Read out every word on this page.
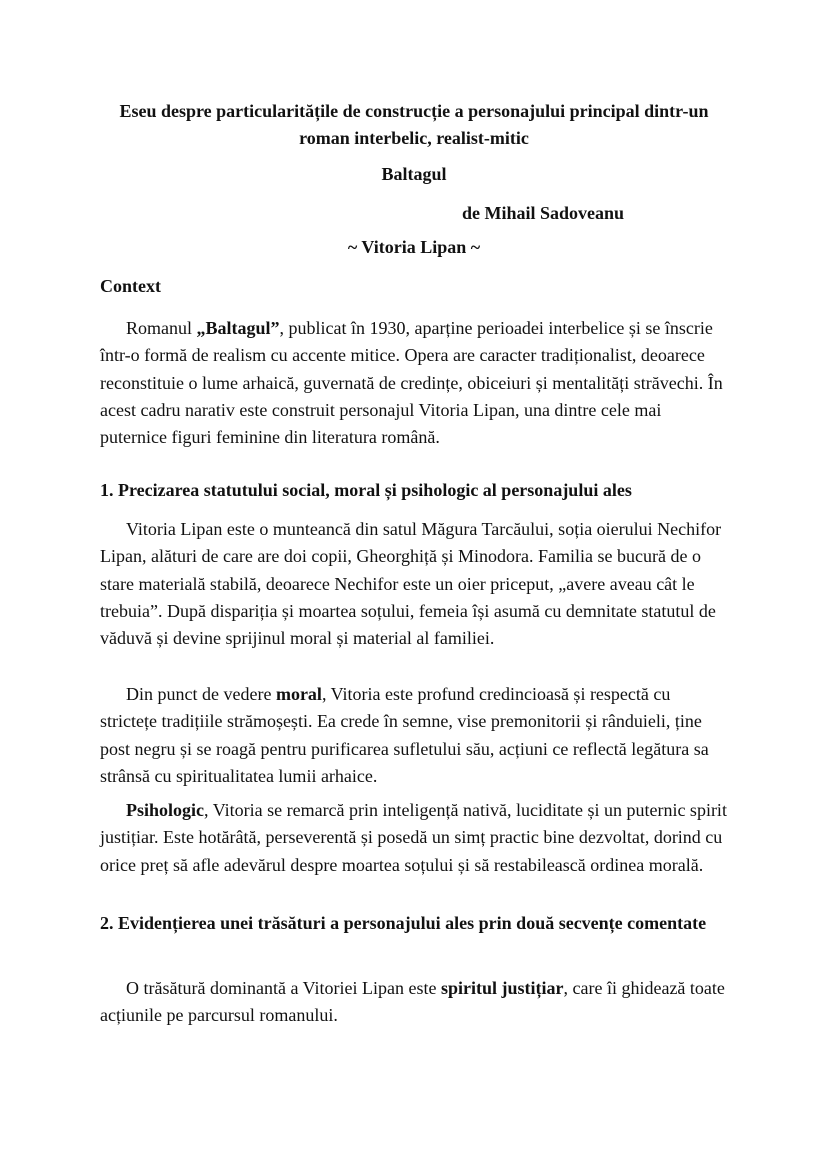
Eseu despre particularitățile de construcție a personajului principal dintr-un roman interbelic, realist-mitic
Baltagul
de Mihail Sadoveanu
~ Vitoria Lipan ~
Context

Romanul „Baltagul”, publicat în 1930, aparține perioadei interbelice și se înscrie într-o formă de realism cu accente mitice. Opera are caracter tradiționalist, deoarece reconstituie o lume arhaică, guvernată de credințe, obiceiuri și mentalități străvechi. În acest cadru narativ este construit personajul Vitoria Lipan, una dintre cele mai puternice figuri feminine din literatura română.

1. Precizarea statutului social, moral și psihologic al personajului ales

Vitoria Lipan este o munteancă din satul Măgura Tarcăului, soția oierului Nechifor Lipan, alături de care are doi copii, Gheorghiță și Minodora. Familia se bucură de o stare materială stabilă, deoarece Nechifor este un oier priceput, „avere aveau cât le trebuia”. După dispariția și moartea soțului, femeia își asumă cu demnitate statutul de văduvă și devine sprijinul moral și material al familiei.

Din punct de vedere moral, Vitoria este profund credincioasă și respectă cu strictețe tradițiile strămoșești. Ea crede în semne, vise premonitorii și rânduieli, ține post negru și se roagă pentru purificarea sufletului său, acțiuni ce reflectă legătura sa strânsă cu spiritualitatea lumii arhaice.

Psihologic, Vitoria se remarcă prin inteligență nativă, luciditate și un puternic spirit justițiar. Este hotărâtă, perseverentă și posedă un simț practic bine dezvoltat, dorind cu orice preț să afle adevărul despre moartea soțului și să restabilească ordinea morală.

2. Evidențierea unei trăsături a personajului ales prin două secvențe comentate

O trăsătură dominantă a Vitoriei Lipan este spiritul justițiar, care îi ghidează toate acțiunile pe parcursul romanului.
